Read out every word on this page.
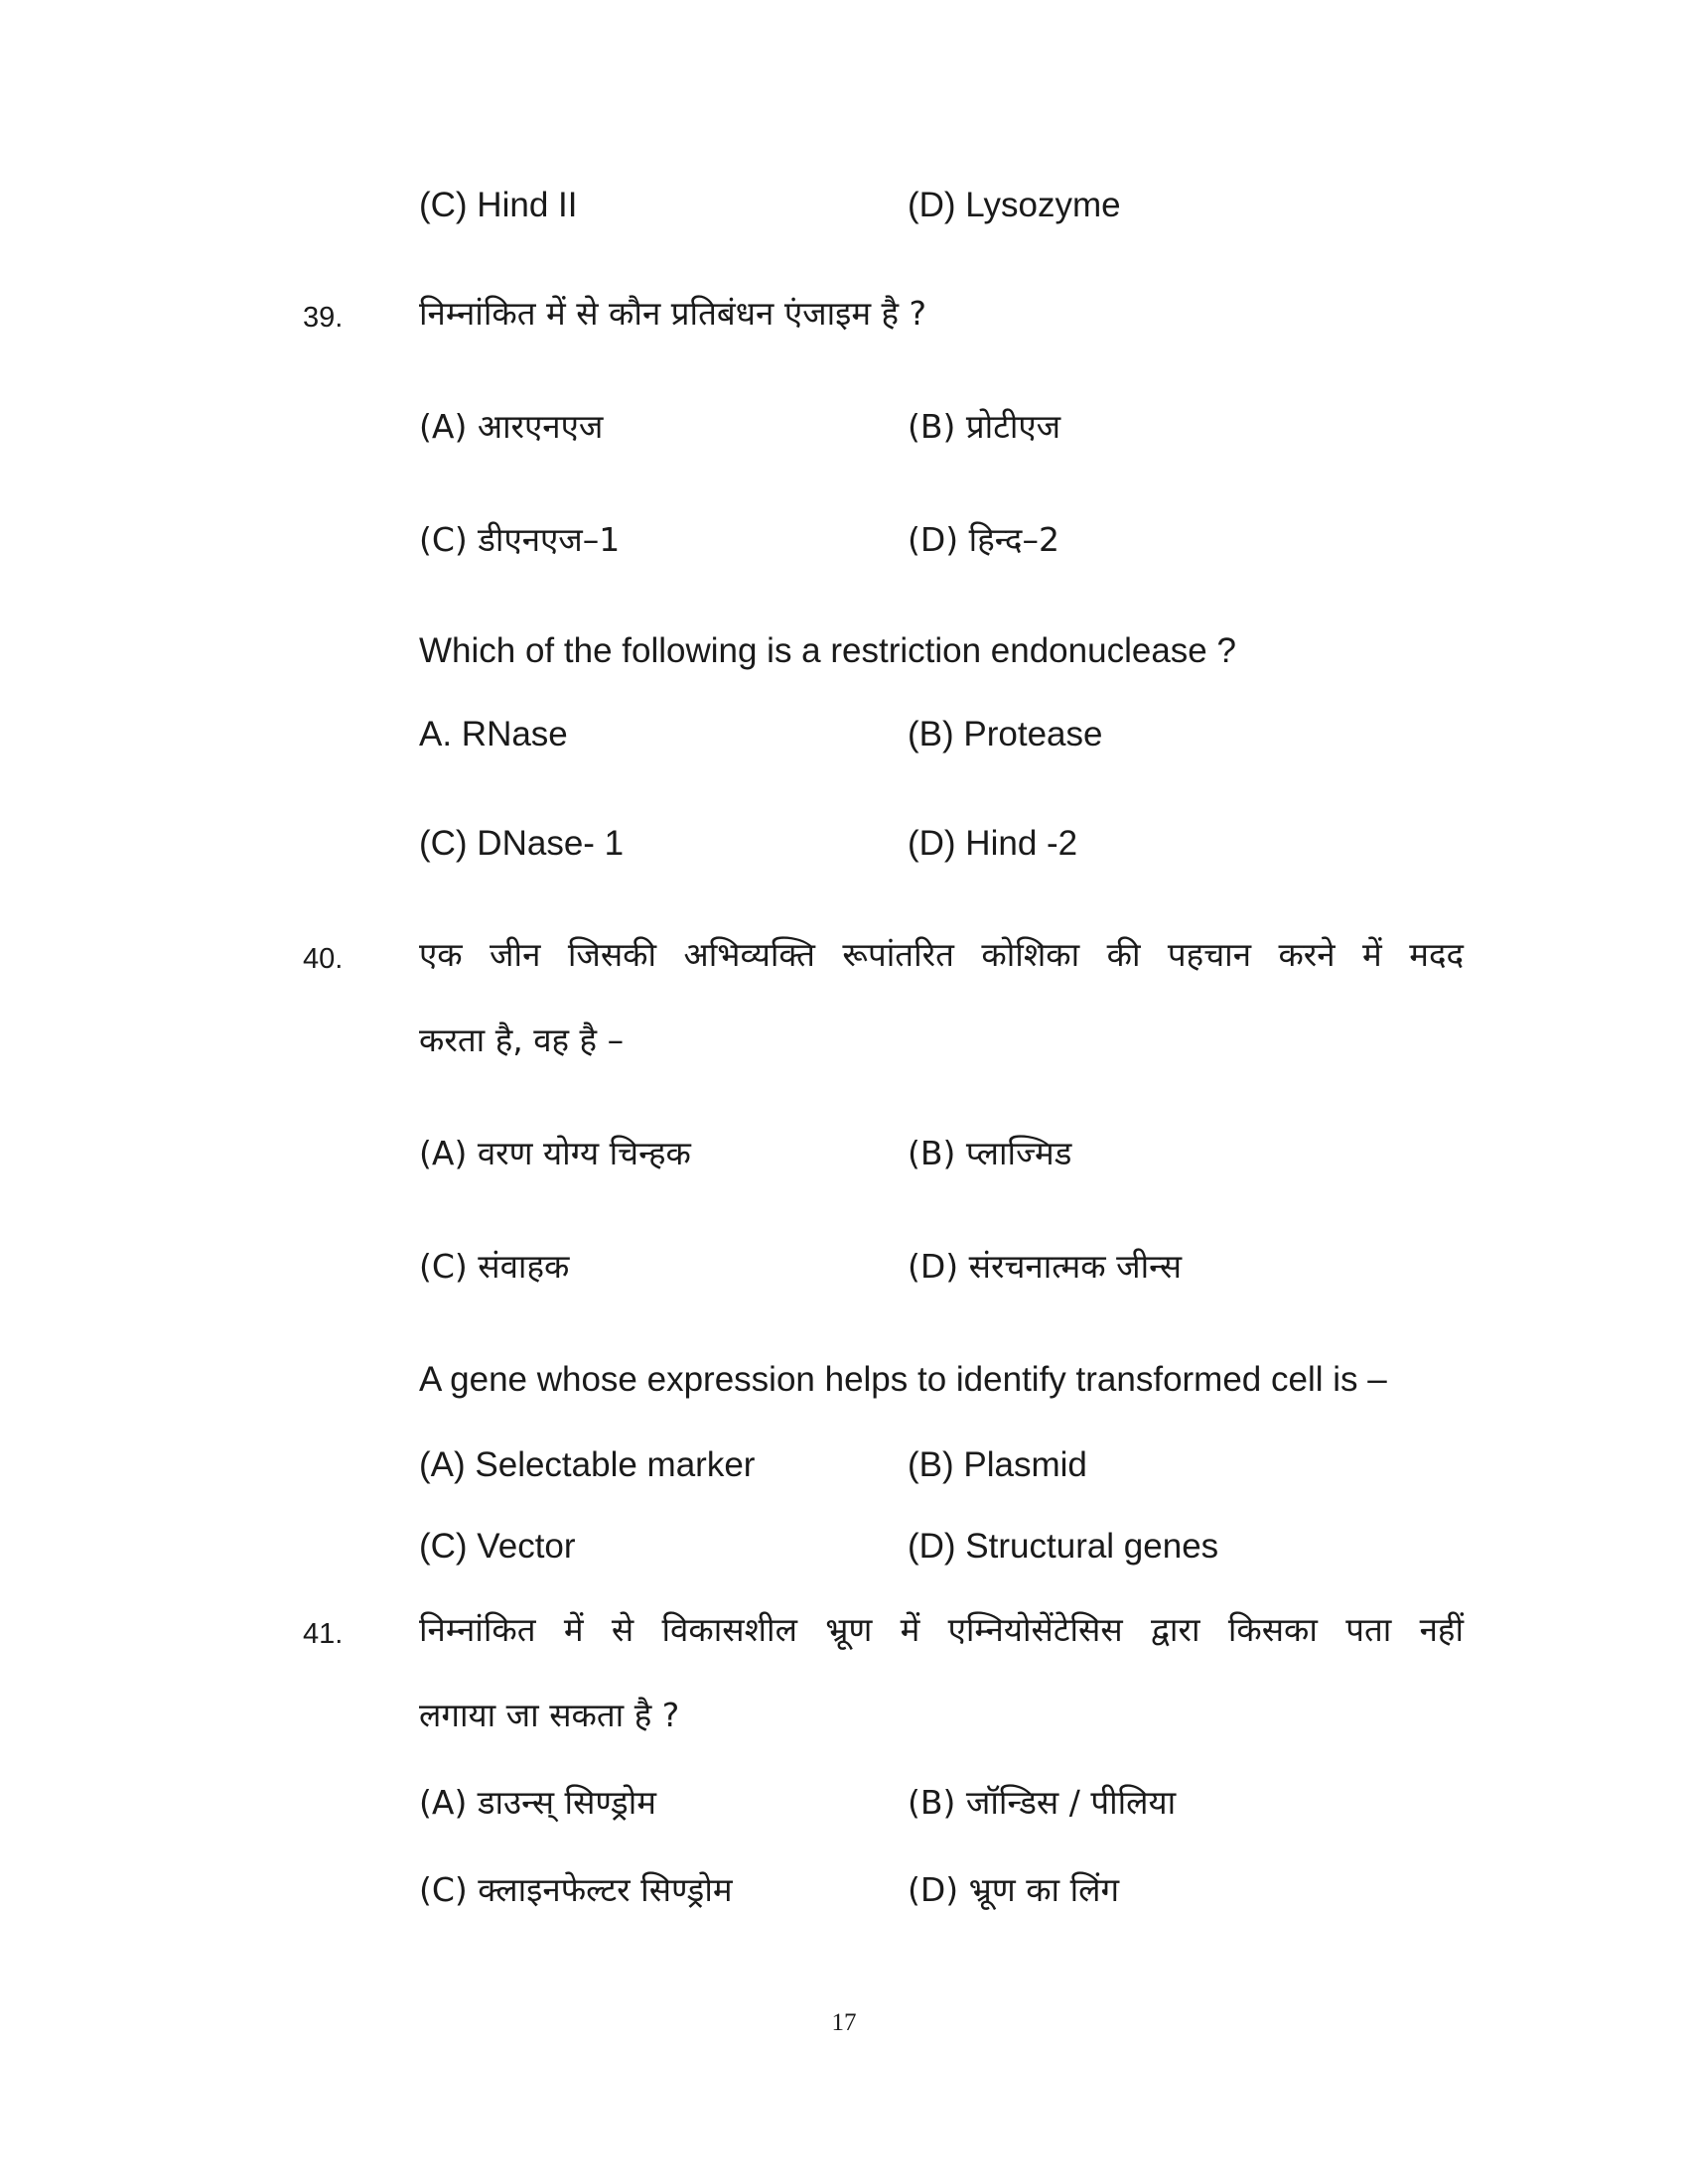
(C) Hind II	(D) Lysozyme
39. निम्नांकित में से कौन प्रतिबंधन एंजाइम है ?
(A) आरएनएज	(B) प्रोटीएज
(C) डीएनएज–1	(D) हिन्द–2
Which of the following is a restriction endonuclease ?
A. RNase	(B) Protease
(C) DNase- 1	(D) Hind -2
40. एक जीन जिसकी अभिव्यक्ति रूपांतरित कोशिका की पहचान करने में मदद
करता है, वह है –
(A) वरण योग्य चिन्हक	(B) प्लाज्मिड
(C) संवाहक	(D) संरचनात्मक जीन्स
A gene whose expression helps to identify transformed cell is –
(A) Selectable marker	(B) Plasmid
(C) Vector	(D) Structural genes
41. निम्नांकित में से विकासशील भ्रूण में एम्नियोसेंटेसिस द्वारा किसका पता नहीं
लगाया जा सकता है ?
(A) डाउन्स् सिण्ड्रोम	(B) जॉन्डिस / पीलिया
(C) क्लाइनफेल्टर सिण्ड्रोम	(D) भ्रूण का लिंग
17
